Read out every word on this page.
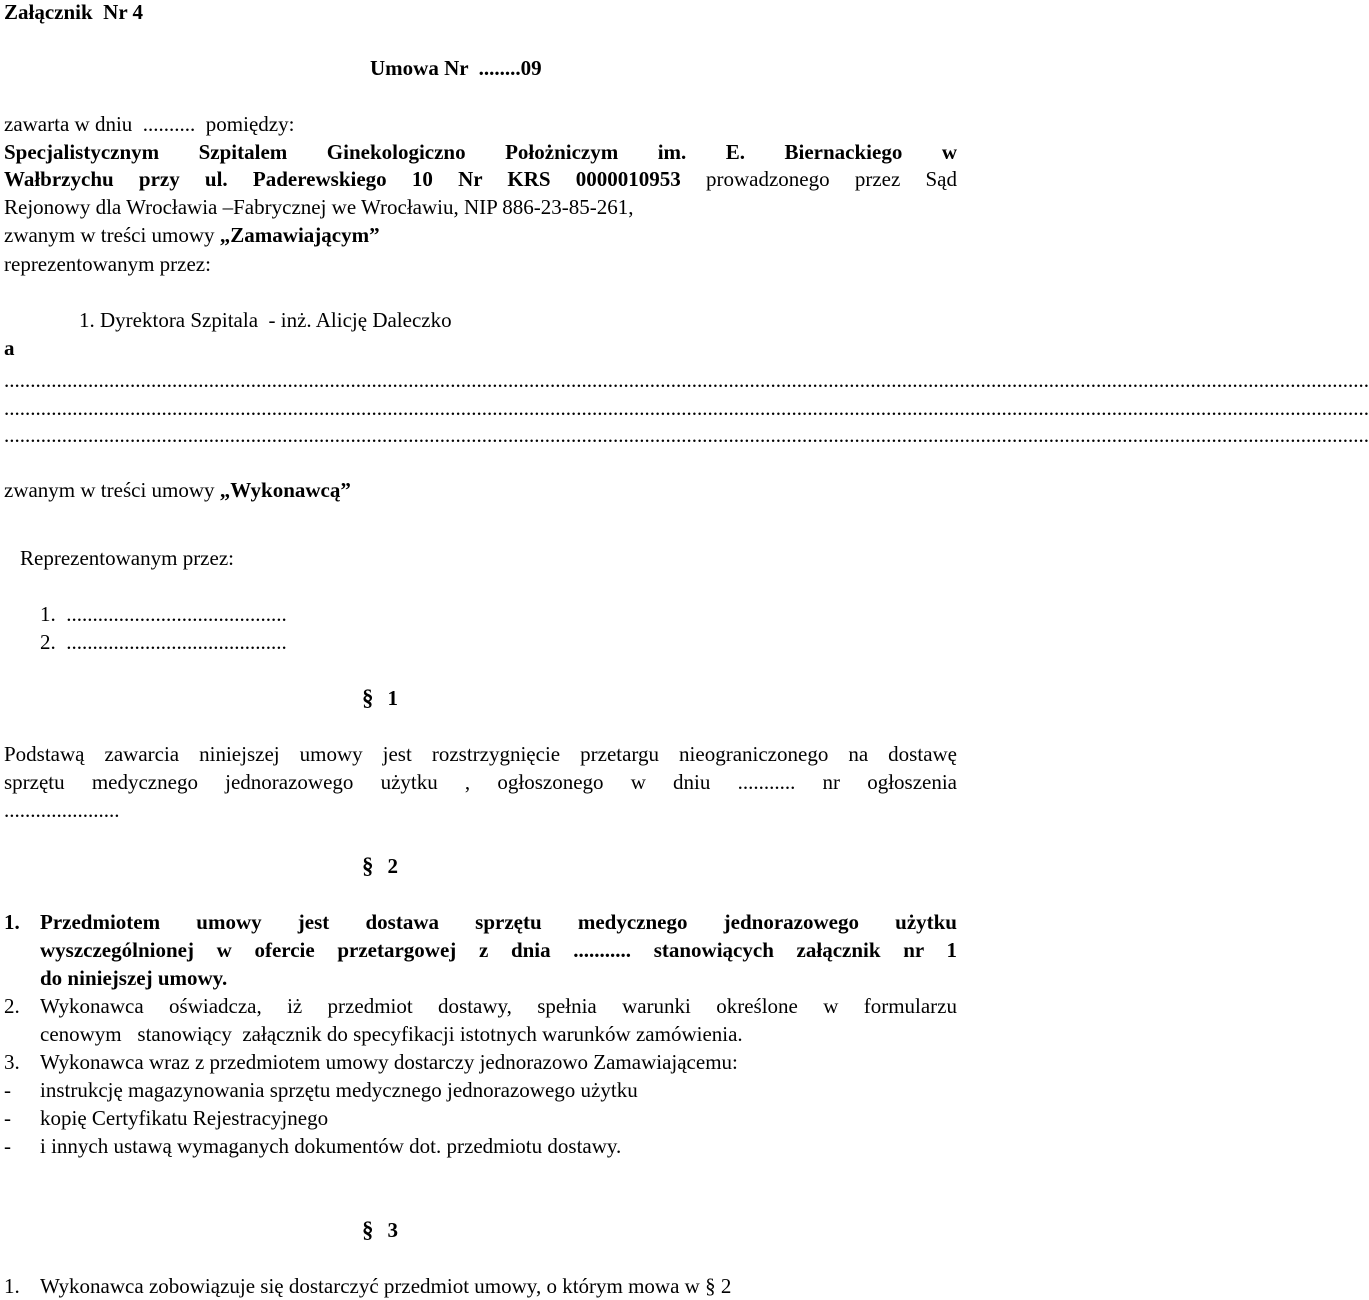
Załącznik  Nr 4
Umowa Nr  ........09
zawarta w dniu  ..........  pomiędzy:
Specjalistycznym Szpitalem Ginekologiczno Położniczym im. E. Biernackiego w
Wałbrzychu przy ul. Paderewskiego 10 Nr KRS 0000010953 prowadzonego przez Sąd
Rejonowy dla Wrocławia –Fabrycznej we Wrocławiu, NIP 886-23-85-261,
zwanym w treści umowy „Zamawiającym”
reprezentowanym przez:
1. Dyrektora Szpitala  - inż. Alicję Daleczko
a
....................................................................................................................................................................................................................................................................
....................................................................................................................................................................................................................................................................
....................................................................................................................................................................................................................................................................
zwanym w treści umowy „Wykonawcą”
Reprezentowanym przez:
1.  ..........................................
2.  ..........................................
§ 1
Podstawą zawarcia niniejszej umowy jest rozstrzygnięcie przetargu nieograniczonego na dostawę
sprzętu medycznego jednorazowego użytku , ogłoszonego w dniu ........... nr ogłoszenia
......................
§ 2
1. Przedmiotem umowy jest dostawa sprzętu medycznego jednorazowego użytku
wyszczególnionej w ofercie przetargowej z dnia ........... stanowiących załącznik nr 1
do niniejszej umowy.
2. Wykonawca oświadcza, iż przedmiot dostawy, spełnia warunki określone w formularzu
cenowym   stanowiący  załącznik do specyfikacji istotnych warunków zamówienia.
3. Wykonawca wraz z przedmiotem umowy dostarczy jednorazowo Zamawiającemu:
- instrukcję magazynowania sprzętu medycznego jednorazowego użytku
- kopię Certyfikatu Rejestracyjnego
- i innych ustawą wymaganych dokumentów dot. przedmiotu dostawy.
§ 3
1. Wykonawca zobowiązuje się dostarczyć przedmiot umowy, o którym mowa w § 2
